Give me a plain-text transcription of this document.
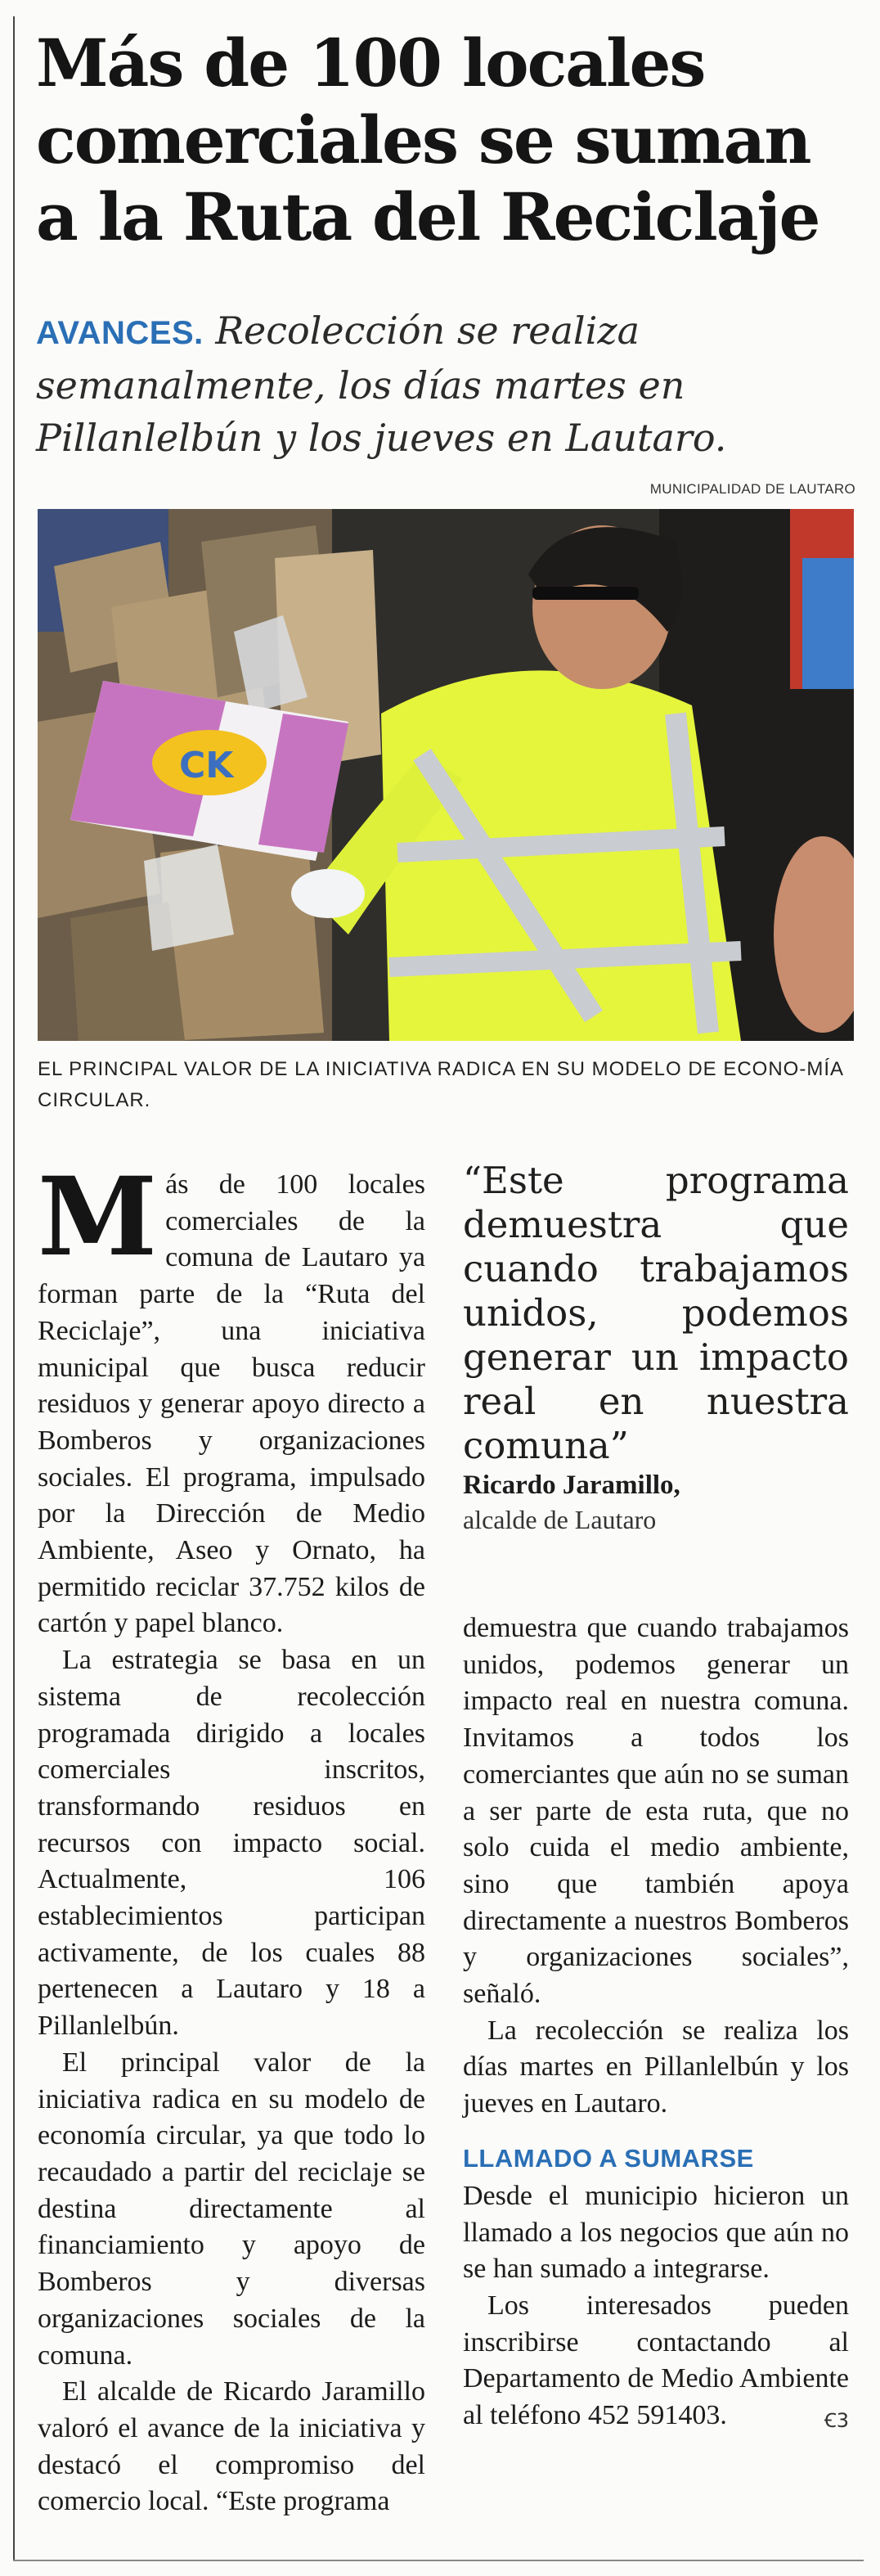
Más de 100 locales comerciales se suman a la Ruta del Reciclaje

AVANCES. Recolección se realiza semanalmente, los días martes en Pillanlelbún y los jueves en Lautaro.

MUNICIPALIDAD DE LAUTARO
CK

EL PRINCIPAL VALOR DE LA INICIATIVA RADICA EN SU MODELO DE ECONO-MÍA CIRCULAR.

Más de 100 locales comerciales de la comuna de Lautaro ya forman parte de la “Ruta del Reciclaje”, una iniciativa municipal que busca reducir residuos y generar apoyo directo a Bomberos y organizaciones sociales. El programa, impulsado por la Dirección de Medio Ambiente, Aseo y Ornato, ha permitido reciclar 37.752 kilos de cartón y papel blanco.

La estrategia se basa en un sistema de recolección programada dirigido a locales comerciales inscritos, transformando residuos en recursos con impacto social. Actualmente, 106 establecimientos participan activamente, de los cuales 88 pertenecen a Lautaro y 18 a Pillanlelbún.

El principal valor de la iniciativa radica en su modelo de economía circular, ya que todo lo recaudado a partir del reciclaje se destina directamente al financiamiento y apoyo de Bomberos y diversas organizaciones sociales de la comuna.

El alcalde de Ricardo Jaramillo valoró el avance de la iniciativa y destacó el compromiso del comercio local. “Este programa

“Este programa demuestra que cuando trabajamos unidos, podemos generar un impacto real en nuestra comuna”

Ricardo Jaramillo,

alcalde de Lautaro

demuestra que cuando trabajamos unidos, podemos generar un impacto real en nuestra comuna. Invitamos a todos los comerciantes que aún no se suman a ser parte de esta ruta, que no solo cuida el medio ambiente, sino que también apoya directamente a nuestros Bomberos y organizaciones sociales”, señaló.

La recolección se realiza los días martes en Pillanlelbún y los jueves en Lautaro.

LLAMADO A SUMARSE

Desde el municipio hicieron un llamado a los negocios que aún no se han sumado a integrarse.

Los interesados pueden inscribirse contactando al Departamento de Medio Ambiente al teléfono 452 591403.	Ꞓ3
